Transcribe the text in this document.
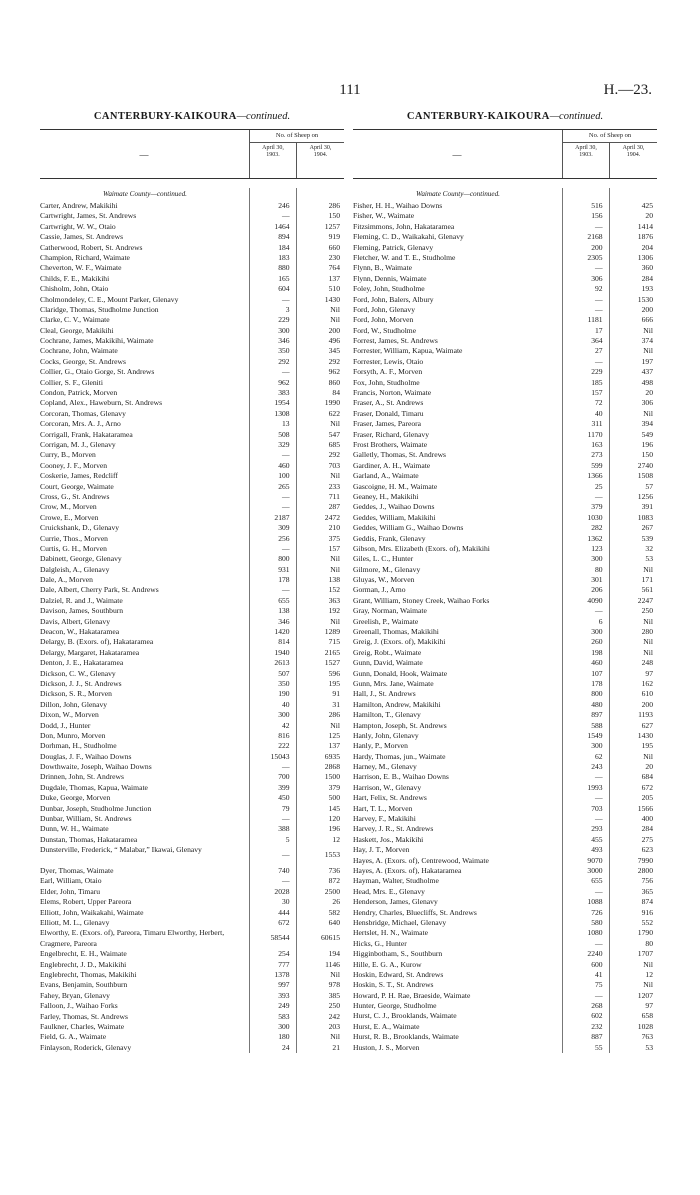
111	H.—23.
CANTERBURY-KAIKOURA—continued.
—
No. of Sheep on
April 30,
1903.
April 30,
1904.
Waimate County—continued.
Carter, Andrew, Makikihi	246	286
Cartwright, James, St. Andrews	—	150
Cartwright, W. W., Otaio	1464	1257
Cassie, James, St. Andrews	894	919
Catherwood, Robert, St. Andrews	184	660
Champion, Richard, Waimate	183	230
Cheverton, W. F., Waimate	880	764
Childs, F. E., Makikihi	165	137
Chisholm, John, Otaio	604	510
Cholmondeley, C. E., Mount Parker, Glenavy	—	1430
Claridge, Thomas, Studholme Junction	3	Nil
Clarke, C. V., Waimate	229	Nil
Cleal, George, Makikihi	300	200
Cochrane, James, Makikihi, Waimate	346	496
Cochrane, John, Waimate	350	345
Cocks, George, St. Andrews	292	292
Collier, G., Otaio Gorge, St. Andrews	—	962
Collier, S. F., Gleniti	962	860
Condon, Patrick, Morven	383	84
Copland, Alex., Haweburn, St. Andrews	1954	1990
Corcoran, Thomas, Glenavy	1308	622
Corcoran, Mrs. A. J., Arno	13	Nil
Corrigall, Frank, Hakataramea	508	547
Corrigan, M. J., Glenavy	329	685
Curry, B., Morven	—	292
Cooney, J. F., Morven	460	703
Coskerie, James, Redcliff	100	Nil
Court, George, Waimate	265	233
Cross, G., St. Andrews	—	711
Crow, M., Morven	—	287
Crowe, E., Morven	2187	2472
Cruickshank, D., Glenavy	309	210
Currie, Thos., Morven	256	375
Curtis, G. H., Morven	—	157
Dabinett, George, Glenavy	800	Nil
Dalgleish, A., Glenavy	931	Nil
Dale, A., Morven	178	138
Dale, Albert, Cherry Park, St. Andrews	—	152
Dalziel, R. and J., Waimate	655	363
Davison, James, Southburn	138	192
Davis, Albert, Glenavy	346	Nil
Deacon, W., Hakataramea	1420	1289
Delargy, B. (Exors. of), Hakataramea	814	715
Delargy, Margaret, Hakataramea	1940	2165
Denton, J. E., Hakataramea	2613	1527
Dickson, C. W., Glenavy	507	596
Dickson, J. J., St. Andrews	350	195
Dickson, S. R., Morven	190	91
Dillon, John, Glenavy	40	31
Dixon, W., Morven	300	286
Dodd, J., Hunter	42	Nil
Don, Munro, Morven	816	125
Dorhman, H., Studholme	222	137
Douglas, J. F., Waihao Downs	15043	6935
Dowthwaite, Joseph, Waihao Downs	—	2868
Drinnen, John, St. Andrews	700	1500
Dugdale, Thomas, Kapua, Waimate	399	379
Duke, George, Morven	450	500
Dunbar, Joseph, Studholme Junction	79	145
Dunbar, William, St. Andrews	—	120
Dunn, W. H., Waimate	388	196
Dunstan, Thomas, Hakataramea	5	12
Dunsterville, Frederick, “ Malabar,” Ikawai, Glenavy
—	1553
Dyer, Thomas, Waimate	740	736
Earl, William, Otaio	—	872
Elder, John, Timaru	2028	2500
Elems, Robert, Upper Pareora	30	26
Elliott, John, Waikakahi, Waimate	444	582
Elliott, M. L., Glenavy	672	640
Elworthy, E. (Exors. of), Pareora, Timaru Elworthy, Herbert, Cragmere, Pareora
58544	60615
Engelbrecht, E. H., Waimate	254	194
Englebrecht, J. D., Makikihi	777	1146
Englebrecht, Thomas, Makikihi	1378	Nil
Evans, Benjamin, Southburn	997	978
Fahey, Bryan, Glenavy	393	385
Falloon, J., Waihao Forks	249	250
Farley, Thomas, St. Andrews	583	242
Faulkner, Charles, Waimate	300	203
Field, G. A., Waimate	180	Nil
Finlayson, Roderick, Glenavy	24	21
CANTERBURY-KAIKOURA—continued.
—
No. of Sheep on
April 30,
1903.
April 30,
1904.
Waimate County—continued.
Fisher, H. H., Waihao Downs	516	425
Fisher, W., Waimate	156	20
Fitzsimmons, John, Hakataramea	—	1414
Fleming, C. D., Waikakahi, Glenavy	2168	1876
Fleming, Patrick, Glenavy	200	204
Fletcher, W. and T. E., Studholme	2305	1306
Flynn, B., Waimate	—	360
Flynn, Dennis, Waimate	306	284
Foley, John, Studholme	92	193
Ford, John, Balers, Albury	—	1530
Ford, John, Glenavy	—	200
Ford, John, Morven	1181	666
Ford, W., Studholme	17	Nil
Forrest, James, St. Andrews	364	374
Forrester, William, Kapua, Waimate	27	Nil
Forrester, Lewis, Otaio	—	197
Forsyth, A. F., Morven	229	437
Fox, John, Studholme	185	498
Francis, Norton, Waimate	157	20
Fraser, A., St. Andrews	72	306
Fraser, Donald, Timaru	40	Nil
Fraser, James, Pareora	311	394
Fraser, Richard, Glenavy	1170	549
Frost Brothers, Waimate	163	196
Galletly, Thomas, St. Andrews	273	150
Gardiner, A. H., Waimate	599	2740
Garland, A., Waimate	1366	1508
Gascoigne, H. M., Waimate	25	57
Geaney, H., Makikihi	—	1256
Geddes, J., Waihao Downs	379	391
Geddes, William, Makikihi	1030	1083
Geddes, William G., Waihao Downs	282	267
Geddis, Frank, Glenavy	1362	539
Gibson, Mrs. Elizabeth (Exors. of), Makikihi	123	32
Giles, L. C., Hunter	300	53
Gilmore, M., Glenavy	80	Nil
Gluyas, W., Morven	301	171
Gorman, J., Arno	206	561
Grant, William, Stoney Creek, Waihao Forks	4090	2247
Gray, Norman, Waimate	—	250
Greelish, P., Waimate	6	Nil
Greenall, Thomas, Makikihi	300	280
Greig, J. (Exors. of), Makikihi	260	Nil
Greig, Robt., Waimate	198	Nil
Gunn, David, Waimate	460	248
Gunn, Donald, Hook, Waimate	107	97
Gunn, Mrs. Jane, Waimate	178	162
Hall, J., St. Andrews	800	610
Hamilton, Andrew, Makikihi	480	200
Hamilton, T., Glenavy	897	1193
Hampton, Joseph, St. Andrews	588	627
Hanly, John, Glenavy	1549	1430
Hanly, P., Morven	300	195
Hardy, Thomas, jun., Waimate	62	Nil
Harney, M., Glenavy	243	20
Harrison, E. B., Waihao Downs	—	684
Harrison, W., Glenavy	1993	672
Hart, Felix, St. Andrews	—	205
Hart, T. L., Morven	703	1566
Harvey, F., Makikihi	—	400
Harvey, J. R., St. Andrews	293	284
Haskett, Jos., Makikihi	455	275
Hay, J. T., Morven	493	623
Hayes, A. (Exors. of), Centrewood, Waimate	9070	7990
Hayes, A. (Exors. of), Hakataramea	3000	2800
Hayman, Walter, Studholme	655	756
Head, Mrs. E., Glenavy	—	365
Henderson, James, Glenavy	1088	874
Hendry, Charles, Bluecliffs, St. Andrews	726	916
Hensbridge, Michael, Glenavy	580	552
Hertslet, H. N., Waimate	1080	1790
Hicks, G., Hunter	—	80
Higginbotham, S., Southburn	2240	1707
Hille, E. G. A., Kurow	600	Nil
Hoskin, Edward, St. Andrews	41	12
Hoskin, S. T., St. Andrews	75	Nil
Howard, P. H. Rae, Braeside, Waimate	—	1207
Hunter, George, Studholme	268	97
Hurst, C. J., Brooklands, Waimate	602	658
Hurst, E. A., Waimate	232	1028
Hurst, R. B., Brooklands, Waimate	887	763
Huston, J. S., Morven	55	53
